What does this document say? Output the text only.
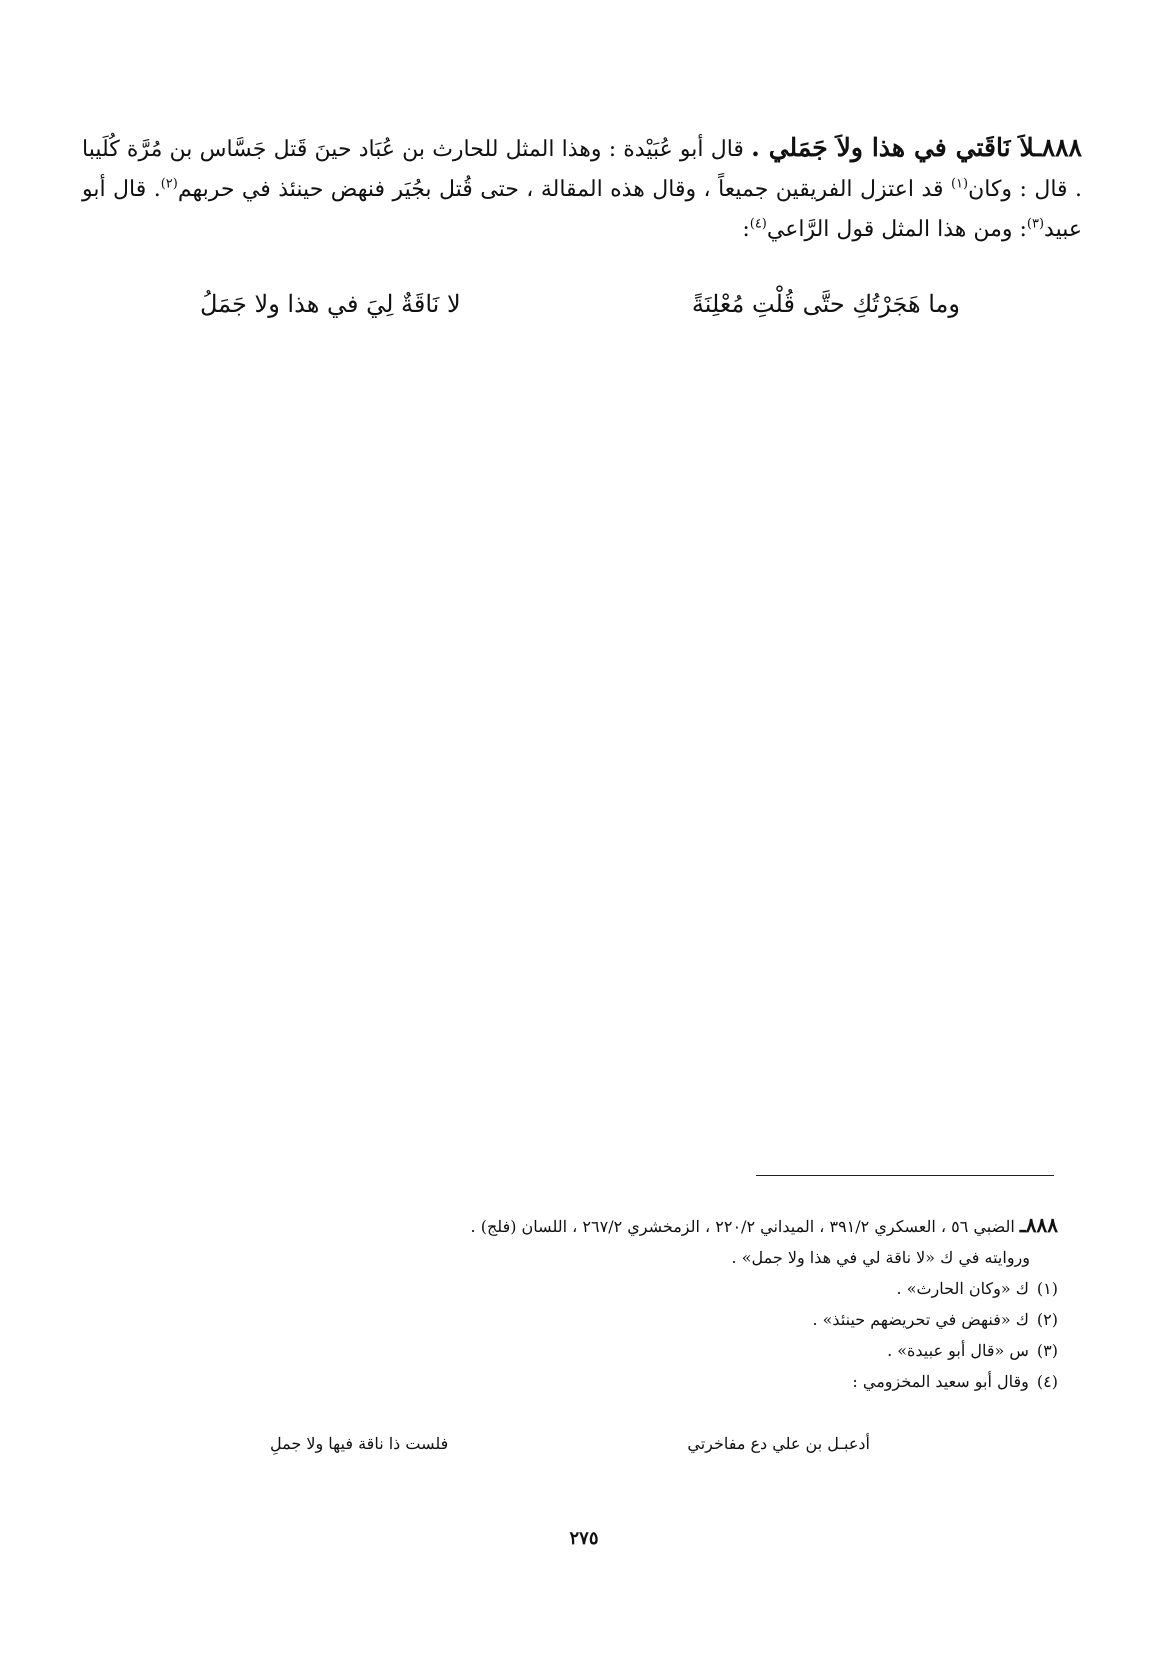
٨٨٨ـلاَ نَاقَتي في هذا ولاَ جَمَلي . قال أبو عُبَيْدة : وهذا المثل للحارث بن عُبَاد حينَ قَتل جَسَّاس بن مُرَّة كُلَيبا . قال : وكان$^{(١)}$ قد اعتزل الفريقين جميعاً ، وقال هذه المقالة ، حتى قُتل بجُيَر فنهض حينئذ في حربهم$^{(٢)}$. قال أبو عبيد$^{(٣)}$: ومن هذا المثل قول الرَّاعي$^{(٤)}$:

وما هَجَرْتُكِ حتَّى قُلْتِ مُعْلِنَةً
لا نَاقَةٌ لِيَ في هذا ولا جَمَلُ

٨٨٨ـ الضبي ٥٦ ، العسكري ٣٩١/٢ ، الميداني ٢٢٠/٢ ، الزمخشري ٢٦٧/٢ ، اللسان (فلج) .

وروايته في ك «لا ناقة لي في هذا ولا جمل» .

(١)ك «وكان الحارث» .

(٢)ك «فنهض في تحريضهم حينئذ» .

(٣)س «قال أبو عبيدة» .

(٤)وقال أبو سعيد المخزومي :

أدعبـل بن علي دع مفاخرتي
فلست ذا ناقة فيها ولا جملِ
٢٧٥
